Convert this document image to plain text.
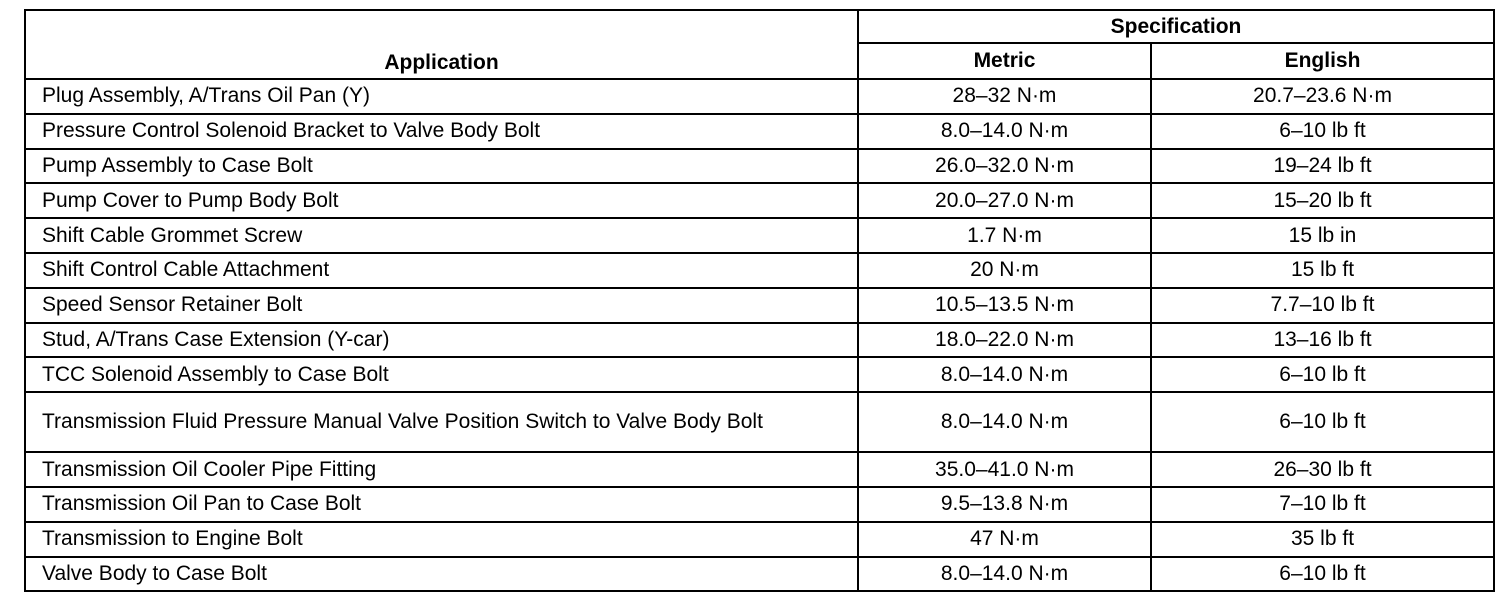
Application	Specification	
	Metric	English
Plug Assembly, A/Trans Oil Pan (Y)	28–32 N·m	20.7–23.6 N·m
Pressure Control Solenoid Bracket to Valve Body Bolt	8.0–14.0 N·m	6–10 lb ft
Pump Assembly to Case Bolt	26.0–32.0 N·m	19–24 lb ft
Pump Cover to Pump Body Bolt	20.0–27.0 N·m	15–20 lb ft
Shift Cable Grommet Screw	1.7 N·m	15 lb in
Shift Control Cable Attachment	20 N·m	15 lb ft
Speed Sensor Retainer Bolt	10.5–13.5 N·m	7.7–10 lb ft
Stud, A/Trans Case Extension (Y-car)	18.0–22.0 N·m	13–16 lb ft
TCC Solenoid Assembly to Case Bolt	8.0–14.0 N·m	6–10 lb ft
Transmission Fluid Pressure Manual Valve Position Switch to Valve Body Bolt	8.0–14.0 N·m	6–10 lb ft
Transmission Oil Cooler Pipe Fitting	35.0–41.0 N·m	26–30 lb ft
Transmission Oil Pan to Case Bolt	9.5–13.8 N·m	7–10 lb ft
Transmission to Engine Bolt	47 N·m	35 lb ft
Valve Body to Case Bolt	8.0–14.0 N·m	6–10 lb ft
